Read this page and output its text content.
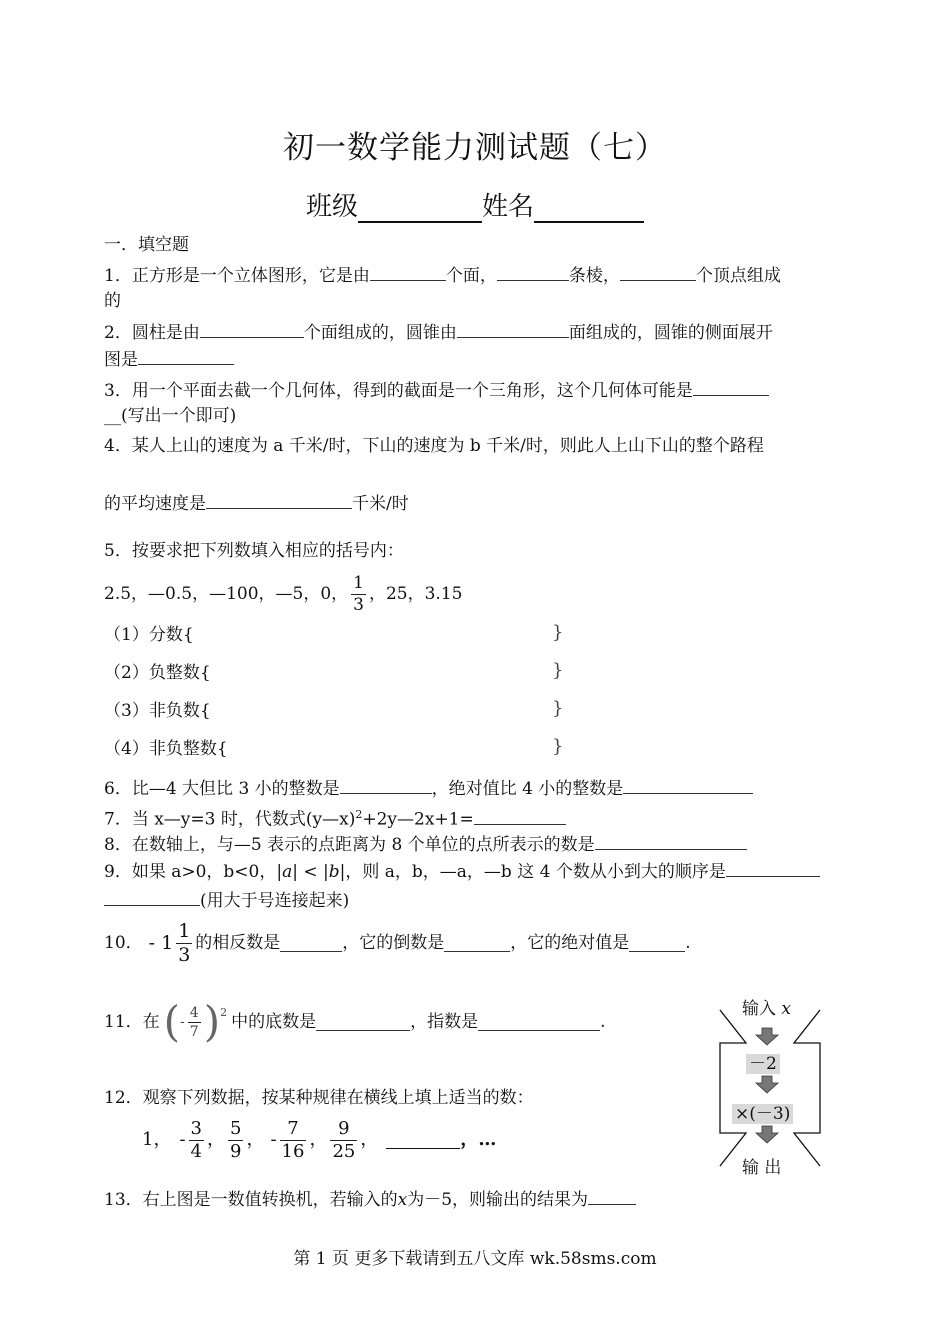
初一数学能力测试题（七）
班级	姓名
一．填空题
1．正方形是一个立体图形，它是由	个面，	条棱，	个顶点组成
的
2．圆柱是由	个面组成的，圆锥由	面组成的，圆锥的侧面展开
图是
3．用一个平面去截一个几何体，得到的截面是一个三角形，这个几何体可能是
__(写出一个即可)
4．某人上山的速度为 a 千米/时，下山的速度为 b 千米/时，则此人上山下山的整个路程
的平均速度是	千米/时
5．按要求把下列数填入相应的括号内：
2.5，—0.5，—100，—5，0， $\frac{1}{3}$ ，25，3.15
（1）分数{	}
（2）负整数{	}
（3）非负数{	}
（4）非负整数{	}
6．比—4 大但比 3 小的整数是	，绝对值比 4 小的整数是
7．当 x—y=3 时，代数式(y—x)$^2$+2y—2x+1=
8．在数轴上，与—5 表示的点距离为 8 个单位的点所表示的数是
9．如果 a>0，b<0，|a| < |b|，则 a，b，—a，—b 这 4 个数从小到大的顺序是
(用大于号连接起来)
10． - $1 \frac{1}{3}$ 的相反数是	，它的倒数是	，它的绝对值是	.
11．在 ( - $\frac{4}{7}$ ) 2 中的底数是	，指数是	.
12．观察下列数据，按某种规律在横线上填上适当的数：
1， - $\frac{3}{4}$ ， $\frac{5}{9}$ ， - $\frac{7}{16}$ ， $\frac{9}{25}$ ，	，…
13．右上图是一数值转换机，若输入的x为－5，则输出的结果为
输入 x
－2
×(－3)
输 出
第 1 页 更多下载请到五八文库 wk.58sms.com
